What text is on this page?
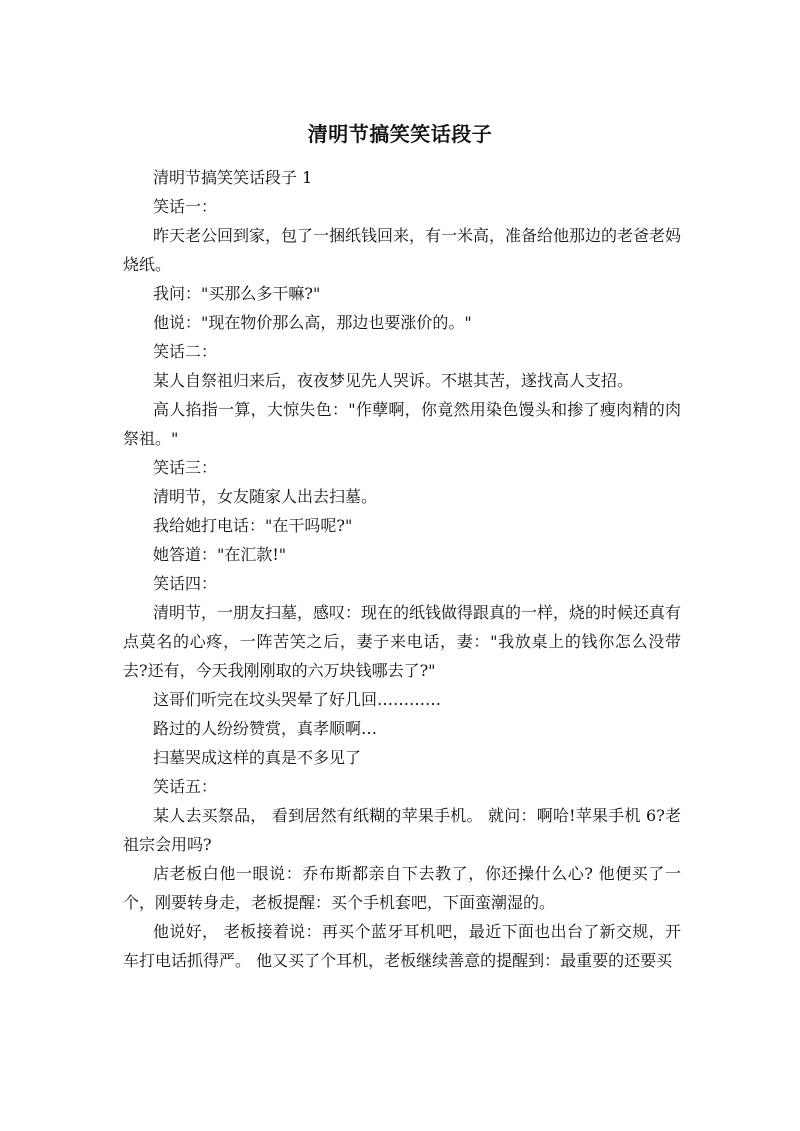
清明节搞笑笑话段子

清明节搞笑笑话段子 1

笑话一：

昨天老公回到家，包了一捆纸钱回来，有一米高，准备给他那边的老爸老妈烧纸。

我问："买那么多干嘛?"

他说："现在物价那么高，那边也要涨价的。"

笑话二：

某人自祭祖归来后，夜夜梦见先人哭诉。不堪其苦，遂找高人支招。

高人掐指一算，大惊失色："作孽啊，你竟然用染色馒头和掺了瘦肉精的肉祭祖。"

笑话三：

清明节，女友随家人出去扫墓。

我给她打电话："在干吗呢?"

她答道："在汇款!"

笑话四：

清明节，一朋友扫墓，感叹：现在的纸钱做得跟真的一样，烧的时候还真有点莫名的心疼，一阵苦笑之后，妻子来电话，妻："我放桌上的钱你怎么没带去?还有，今天我刚刚取的六万块钱哪去了?"

这哥们听完在坟头哭晕了好几回…………

路过的人纷纷赞赏，真孝顺啊…

扫墓哭成这样的真是不多见了

笑话五：

某人去买祭品， 看到居然有纸糊的苹果手机。 就问：啊哈!苹果手机 6?老祖宗会用吗?

店老板白他一眼说：乔布斯都亲自下去教了，你还操什么心? 他便买了一个，刚要转身走，老板提醒：买个手机套吧，下面蛮潮湿的。

他说好， 老板接着说：再买个蓝牙耳机吧，最近下面也出台了新交规，开车打电话抓得严。 他又买了个耳机，老板继续善意的提醒到：最重要的还要买
